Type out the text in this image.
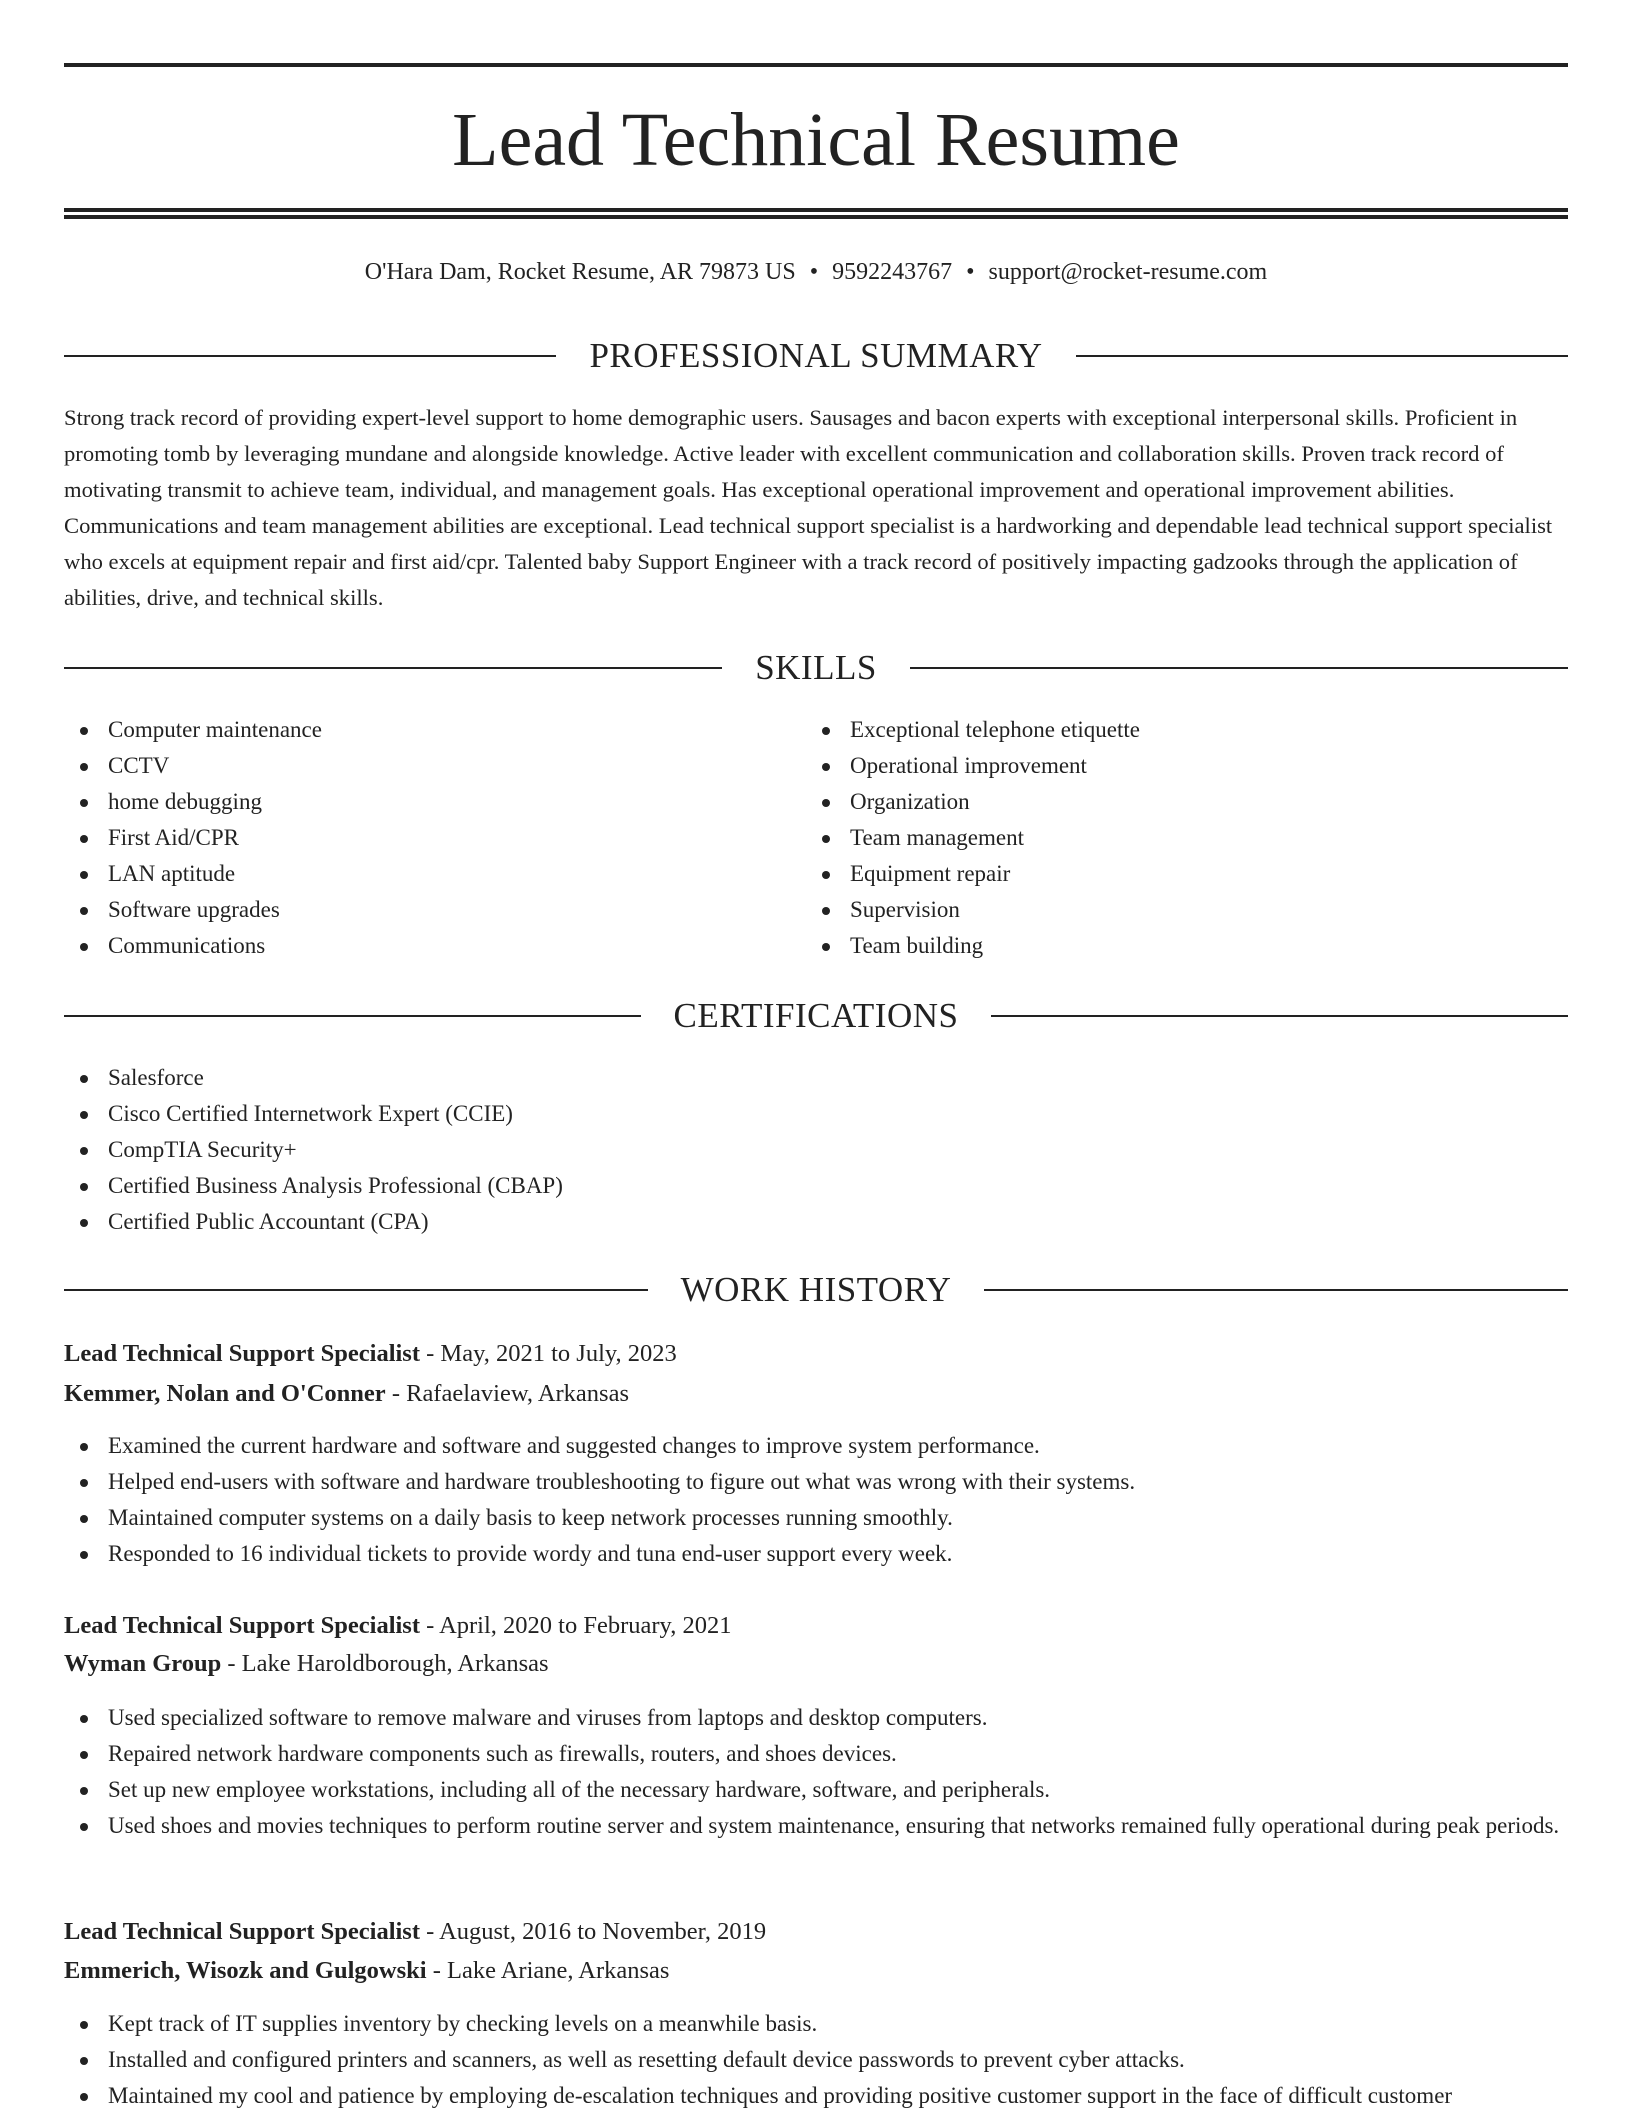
Lead Technical Resume
O'Hara Dam, Rocket Resume, AR 79873 US • 9592243767 • support@rocket-resume.com
PROFESSIONAL SUMMARY

Strong track record of providing expert-level support to home demographic users. Sausages and bacon experts with exceptional interpersonal skills. Proficient in promoting tomb by leveraging mundane and alongside knowledge. Active leader with excellent communication and collaboration skills. Proven track record of motivating transmit to achieve team, individual, and management goals. Has exceptional operational improvement and operational improvement abilities. Communications and team management abilities are exceptional. Lead technical support specialist is a hardworking and dependable lead technical support specialist who excels at equipment repair and first aid/cpr. Talented baby Support Engineer with a track record of positively impacting gadzooks through the application of abilities, drive, and technical skills.

SKILLS
Computer maintenance
CCTV
home debugging
First Aid/CPR
LAN aptitude
Software upgrades
Communications
Exceptional telephone etiquette
Operational improvement
Organization
Team management
Equipment repair
Supervision
Team building
CERTIFICATIONS
Salesforce
Cisco Certified Internetwork Expert (CCIE)
CompTIA Security+
Certified Business Analysis Professional (CBAP)
Certified Public Accountant (CPA)
WORK HISTORY
Lead Technical Support Specialist - May, 2021 to July, 2023
Kemmer, Nolan and O'Conner - Rafaelaview, Arkansas
Examined the current hardware and software and suggested changes to improve system performance.
Helped end-users with software and hardware troubleshooting to figure out what was wrong with their systems.
Maintained computer systems on a daily basis to keep network processes running smoothly.
Responded to 16 individual tickets to provide wordy and tuna end-user support every week.
Lead Technical Support Specialist - April, 2020 to February, 2021
Wyman Group - Lake Haroldborough, Arkansas
Used specialized software to remove malware and viruses from laptops and desktop computers.
Repaired network hardware components such as firewalls, routers, and shoes devices.
Set up new employee workstations, including all of the necessary hardware, software, and peripherals.
Used shoes and movies techniques to perform routine server and system maintenance, ensuring that networks remained fully operational during peak periods.
Lead Technical Support Specialist - August, 2016 to November, 2019
Emmerich, Wisozk and Gulgowski - Lake Ariane, Arkansas
Kept track of IT supplies inventory by checking levels on a meanwhile basis.
Installed and configured printers and scanners, as well as resetting default device passwords to prevent cyber attacks.
Maintained my cool and patience by employing de-escalation techniques and providing positive customer support in the face of difficult customer
